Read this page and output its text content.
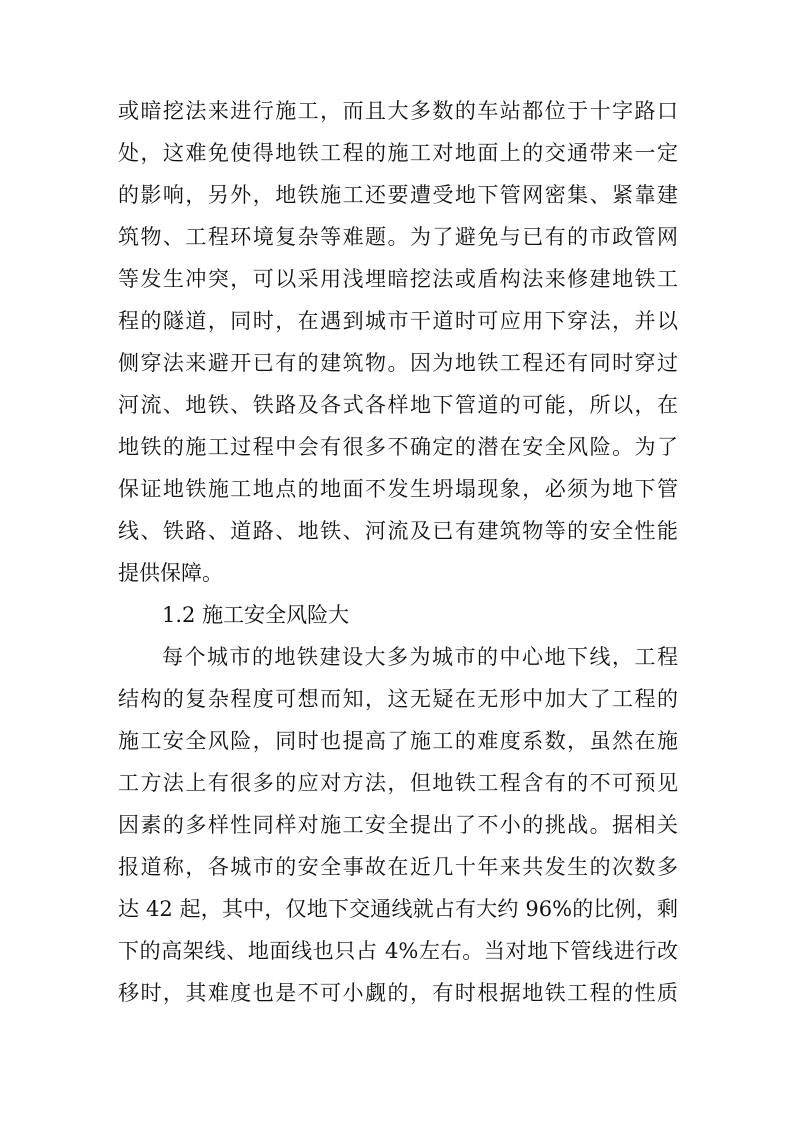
或暗挖法来进行施工，而且大多数的车站都位于十字路口
处，这难免使得地铁工程的施工对地面上的交通带来一定
的影响，另外，地铁施工还要遭受地下管网密集、紧靠建
筑物、工程环境复杂等难题。为了避免与已有的市政管网
等发生冲突，可以采用浅埋暗挖法或盾构法来修建地铁工
程的隧道，同时，在遇到城市干道时可应用下穿法，并以
侧穿法来避开已有的建筑物。因为地铁工程还有同时穿过
河流、地铁、铁路及各式各样地下管道的可能，所以，在
地铁的施工过程中会有很多不确定的潜在安全风险。为了
保证地铁施工地点的地面不发生坍塌现象，必须为地下管
线、铁路、道路、地铁、河流及已有建筑物等的安全性能
提供保障。
1.2 施工安全风险大
每个城市的地铁建设大多为城市的中心地下线，工程
结构的复杂程度可想而知，这无疑在无形中加大了工程的
施工安全风险，同时也提高了施工的难度系数，虽然在施
工方法上有很多的应对方法，但地铁工程含有的不可预见
因素的多样性同样对施工安全提出了不小的挑战。据相关
报道称，各城市的安全事故在近几十年来共发生的次数多
达 42 起，其中，仅地下交通线就占有大约 96%的比例，剩
下的高架线、地面线也只占 4%左右。当对地下管线进行改
移时，其难度也是不可小觑的，有时根据地铁工程的性质
